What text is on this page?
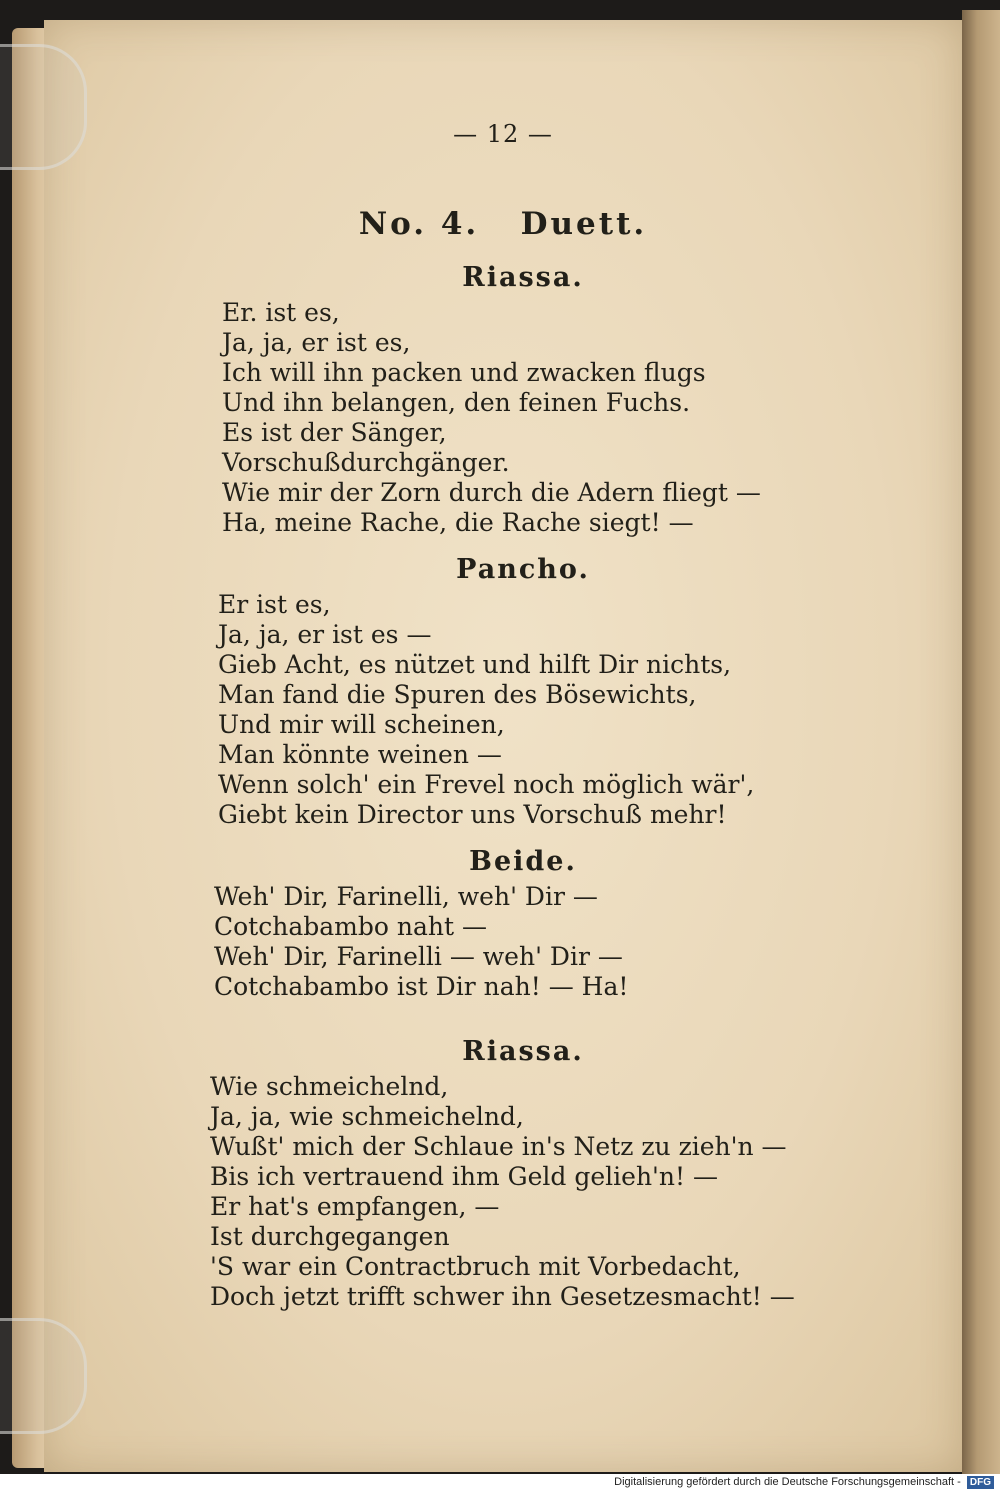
— 12 —
No. 4.   Duett.
Riassa.
Er. ist es,
Ja, ja, er ist es,
Ich will ihn packen und zwacken flugs
Und ihn belangen, den feinen Fuchs.
Es ist der Sänger,
Vorschußdurchgänger.
Wie mir der Zorn durch die Adern fliegt —
Ha, meine Rache, die Rache siegt! —
Pancho.
Er ist es,
Ja, ja, er ist es —
Gieb Acht, es nützet und hilft Dir nichts,
Man fand die Spuren des Bösewichts,
Und mir will scheinen,
Man könnte weinen —
Wenn solch' ein Frevel noch möglich wär',
Giebt kein Director uns Vorschuß mehr!
Beide.
Weh' Dir, Farinelli, weh' Dir —
Cotchabambo naht —
Weh' Dir, Farinelli — weh' Dir —
Cotchabambo ist Dir nah! — Ha!
Riassa.
Wie schmeichelnd,
Ja, ja, wie schmeichelnd,
Wußt' mich der Schlaue in's Netz zu zieh'n —
Bis ich vertrauend ihm Geld gelieh'n! —
Er hat's empfangen, —
Ist durchgegangen
'S war ein Contractbruch mit Vorbedacht,
Doch jetzt trifft schwer ihn Gesetzesmacht! —
Digitalisierung gefördert durch die Deutsche Forschungsgemeinschaft - DFG
